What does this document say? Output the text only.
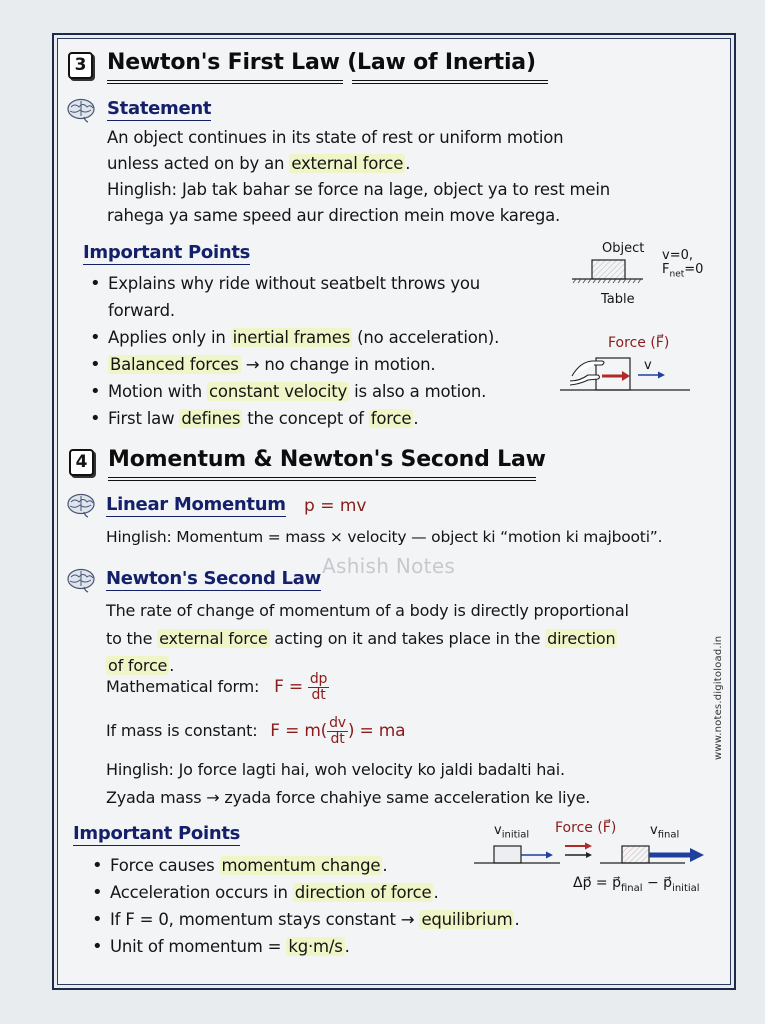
3 Newton's First Law (Law of Inertia)
Statement
An object continues in its state of rest or uniform motion
unless acted on by an external force .
Hinglish: Jab tak bahar se force na lage, object ya to rest mein
rahega ya same speed aur direction mein move karega.
Important Points
• Explains why ride without seatbelt throws you
forward.
• Applies only in inertial frames (no acceleration).
• Balanced forces → no change in motion.
• Motion with constant velocity is also a motion.
• First law defines the concept of force .
Object v=0,
$F_{net}=0$
Table
Force (F⃗)
v
4 Momentum & Newton's Second Law
Linear Momentum p = mv
Hinglish: Momentum = mass × velocity — object ki “motion ki majbooti”.
Ashish Notes
Newton's Second Law
The rate of change of momentum of a body is directly proportional
to the external force acting on it and takes place in the direction
of force .
Mathematical form: $F = \frac{dp}{dt}$
If mass is constant: $F = m( \frac{dv}{dt}$ ) = ma
Hinglish: Jo force lagti hai, woh velocity ko jaldi badalti hai.
Zyada mass → zyada force chahiye same acceleration ke liye.
Important Points
• Force causes momentum change .
• Acceleration occurs in direction of force .
• If F = 0, momentum stays constant → equilibrium .
• Unit of momentum = kg·m/s .
$v_{initial}$ Force (F⃗)	$v_{final}$
Δp⃗ = $p⃗_{final}$ − $p⃗_{initial}$
www.notes.digitoload.in
